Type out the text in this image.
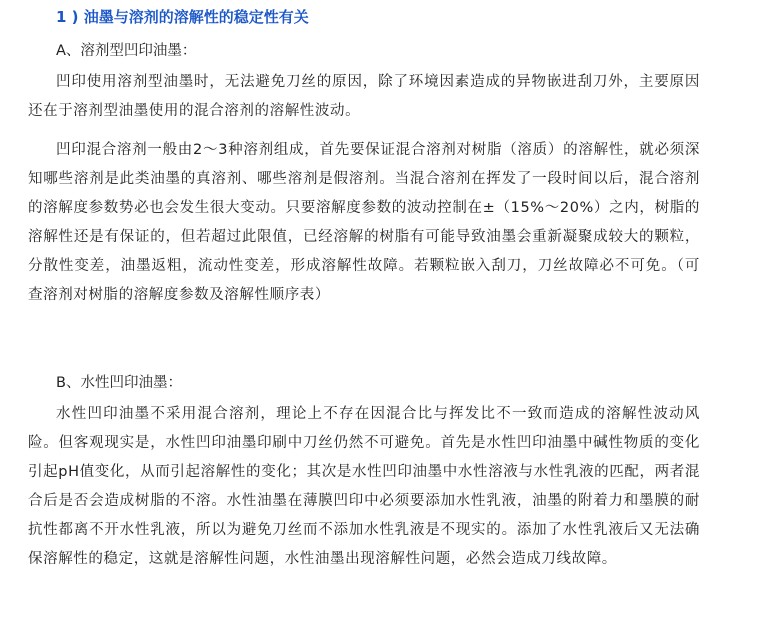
1 ) 油墨与溶剂的溶解性的稳定性有关
A、溶剂型凹印油墨：
凹印使用溶剂型油墨时，无法避免刀丝的原因，除了环境因素造成的异物嵌进刮刀外，主要原因还在于溶剂型油墨使用的混合溶剂的溶解性波动。
凹印混合溶剂一般由2～3种溶剂组成，首先要保证混合溶剂对树脂（溶质）的溶解性，就必须深知哪些溶剂是此类油墨的真溶剂、哪些溶剂是假溶剂。当混合溶剂在挥发了一段时间以后，混合溶剂的溶解度参数势必也会发生很大变动。只要溶解度参数的波动控制在±（15%～20%）之内，树脂的溶解性还是有保证的，但若超过此限值，已经溶解的树脂有可能导致油墨会重新凝聚成较大的颗粒，分散性变差，油墨返粗，流动性变差，形成溶解性故障。若颗粒嵌入刮刀，刀丝故障必不可免。（可查溶剂对树脂的溶解度参数及溶解性顺序表）
B、水性凹印油墨：
水性凹印油墨不采用混合溶剂，理论上不存在因混合比与挥发比不一致而造成的溶解性波动风险。但客观现实是，水性凹印油墨印刷中刀丝仍然不可避免。首先是水性凹印油墨中碱性物质的变化引起pH值变化，从而引起溶解性的变化；其次是水性凹印油墨中水性溶液与水性乳液的匹配，两者混合后是否会造成树脂的不溶。水性油墨在薄膜凹印中必须要添加水性乳液，油墨的附着力和墨膜的耐抗性都离不开水性乳液，所以为避免刀丝而不添加水性乳液是不现实的。添加了水性乳液后又无法确保溶解性的稳定，这就是溶解性问题，水性油墨出现溶解性问题，必然会造成刀线故障。
